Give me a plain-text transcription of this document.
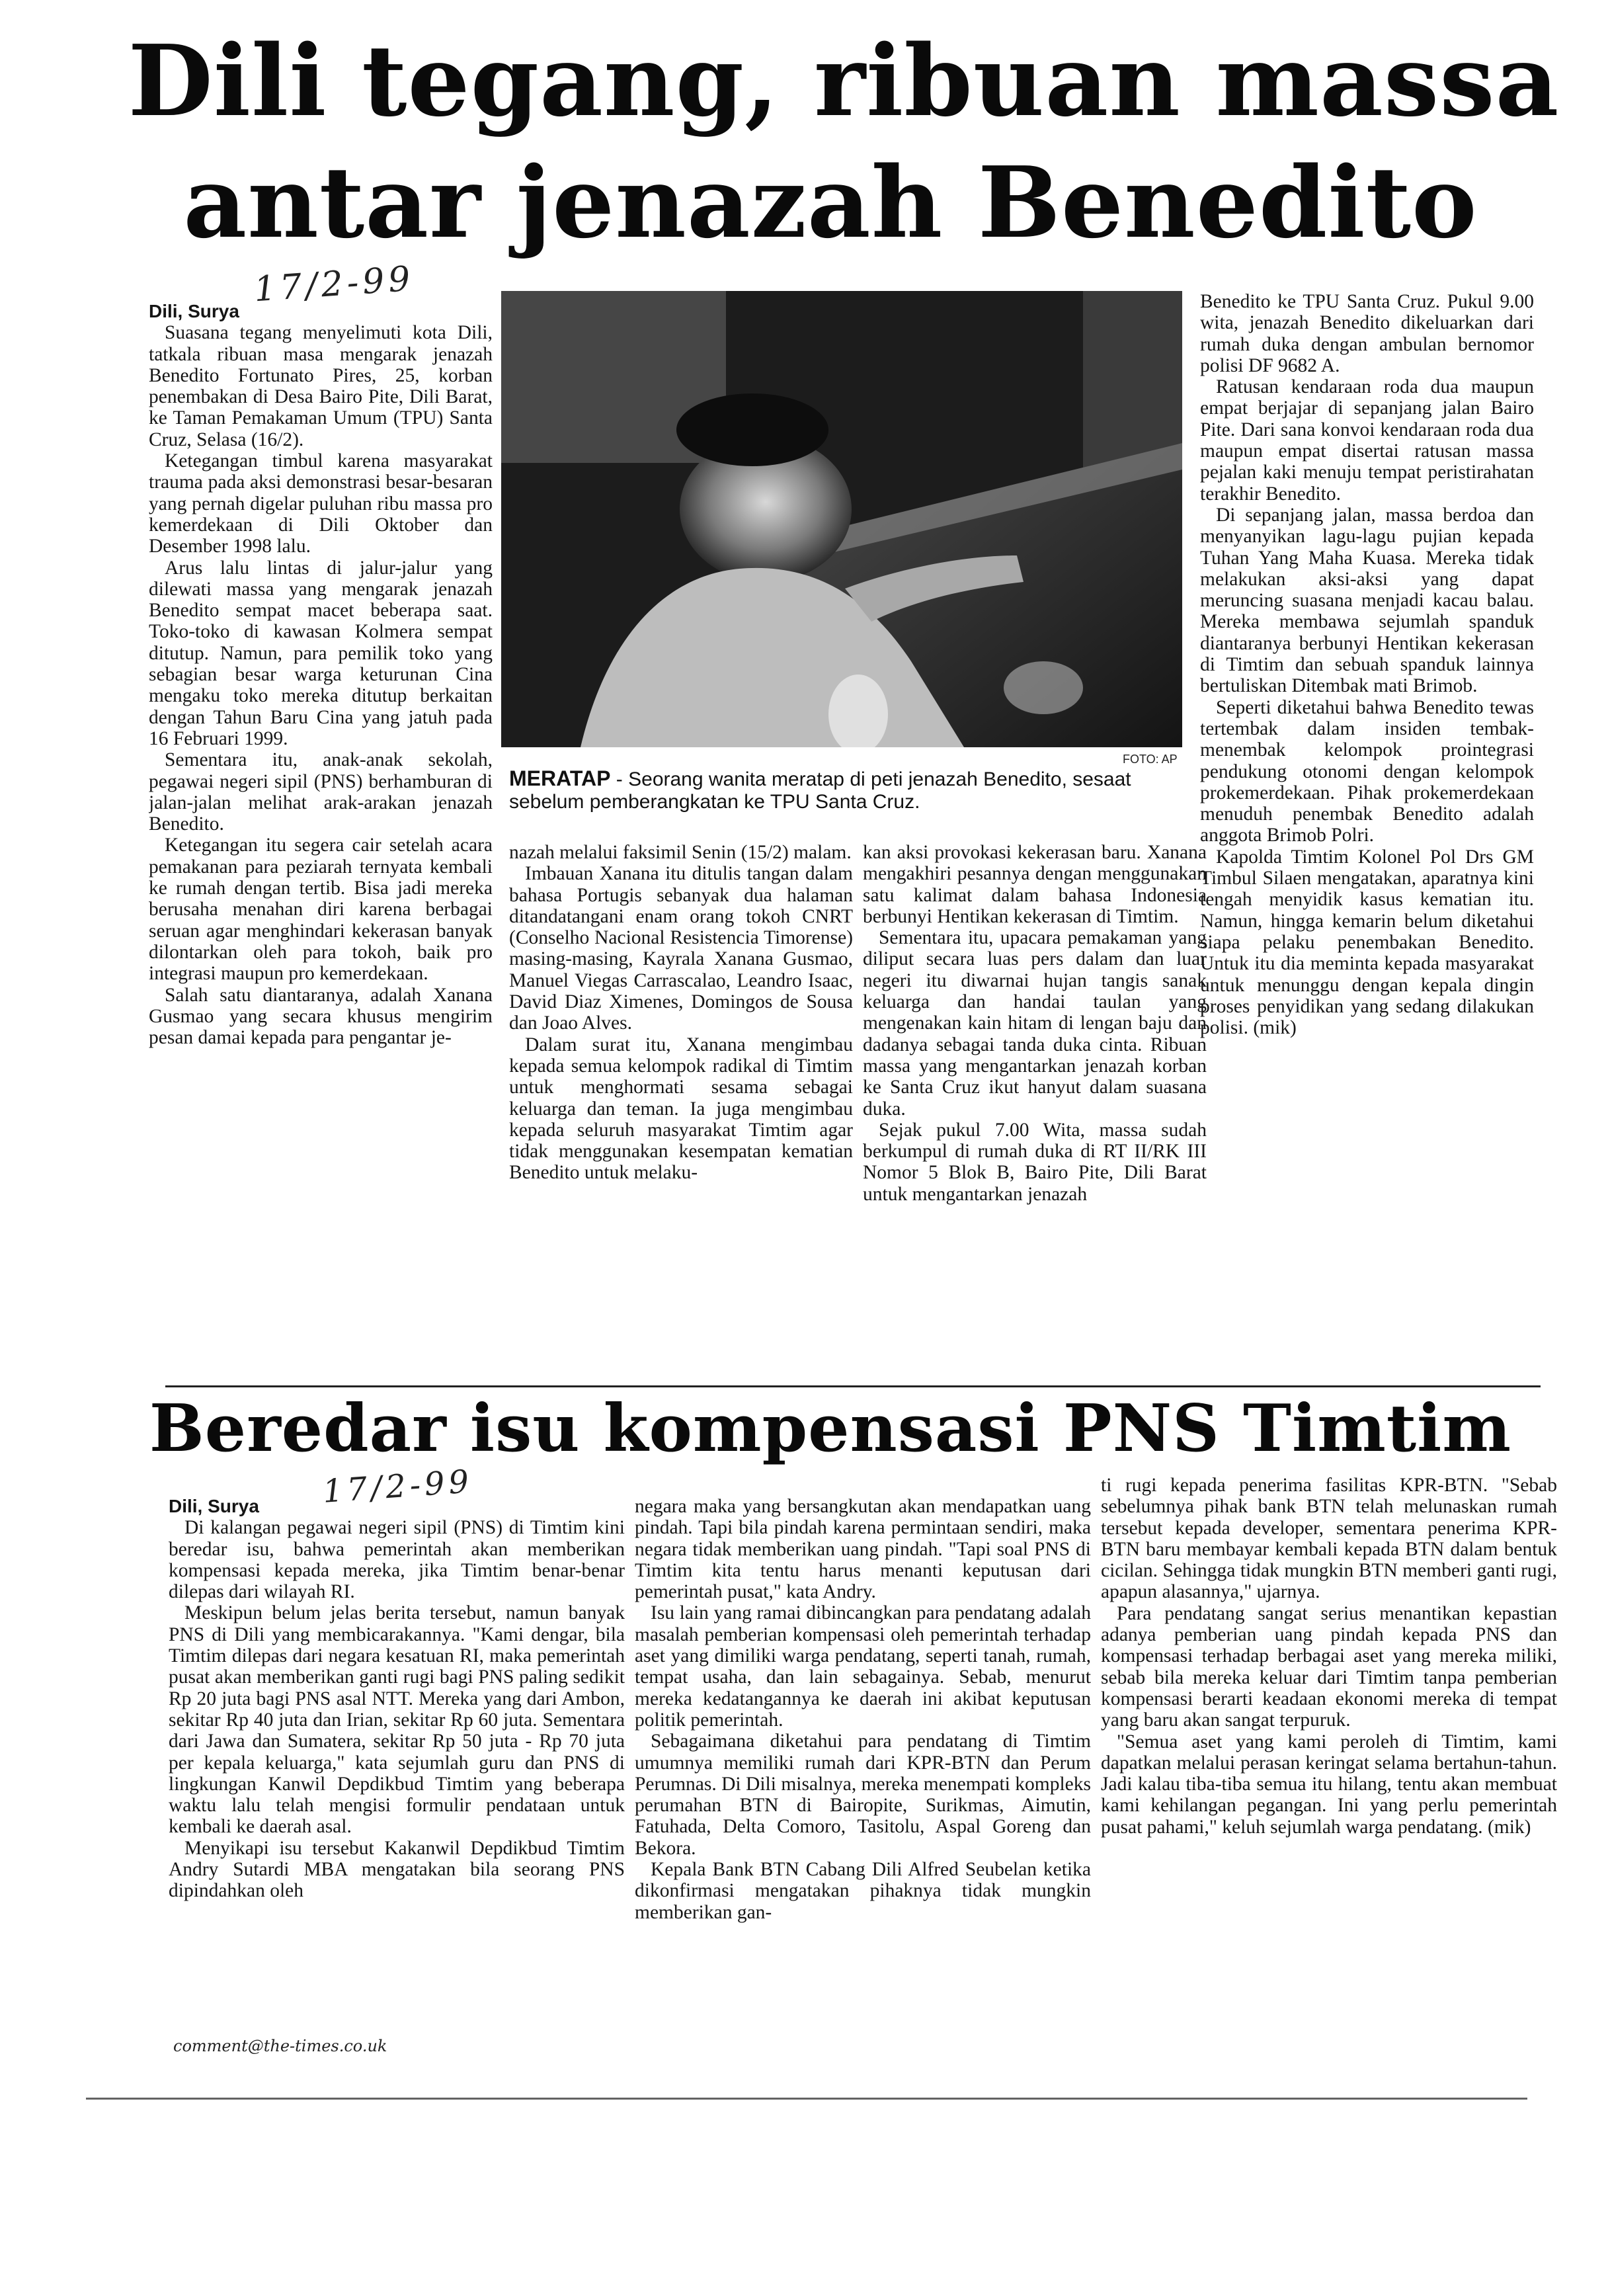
Dili tegang, ribuan massa
antar jenazah Benedito
17/2-99
Dili, Surya

Suasana tegang menyelimuti kota Dili, tatkala ribuan masa mengarak jenazah Benedito Fortunato Pires, 25, korban penembakan di Desa Bairo Pite, Dili Barat, ke Taman Pemakaman Umum (TPU) Santa Cruz, Selasa (16/2).

Ketegangan timbul karena masyarakat trauma pada aksi demonstrasi besar-besaran yang pernah digelar puluhan ribu massa pro kemerdekaan di Dili Oktober dan Desember 1998 lalu.

Arus lalu lintas di jalur-jalur yang dilewati massa yang mengarak jenazah Benedito sempat macet beberapa saat. Toko-toko di kawasan Kolmera sempat ditutup. Namun, para pemilik toko yang sebagian besar warga keturunan Cina mengaku toko mereka ditutup berkaitan dengan Tahun Baru Cina yang jatuh pada 16 Februari 1999.

Sementara itu, anak-anak sekolah, pegawai negeri sipil (PNS) berhamburan di jalan-jalan melihat arak-arakan jenazah Benedito.

Ketegangan itu segera cair setelah acara pemakanan para peziarah ternyata kembali ke rumah dengan tertib. Bisa jadi mereka berusaha menahan diri karena berbagai seruan agar menghindari kekerasan banyak dilontarkan oleh para tokoh, baik pro integrasi maupun pro kemerdekaan.

Salah satu diantaranya, adalah Xanana Gusmao yang secara khusus mengirim pesan damai kepada para pengantar je-

FOTO: AP
MERATAP - Seorang wanita meratap di peti jenazah Benedito, sesaat sebelum pemberangkatan ke TPU Santa Cruz.

nazah melalui faksimil Senin (15/2) malam.

Imbauan Xanana itu ditulis tangan dalam bahasa Portugis sebanyak dua halaman ditandatangani enam orang tokoh CNRT (Conselho Nacional Resistencia Timorense) masing-masing, Kayrala Xanana Gusmao, Manuel Viegas Carrascalao, Leandro Isaac, David Diaz Ximenes, Domingos de Sousa dan Joao Alves.

Dalam surat itu, Xanana mengimbau kepada semua kelompok radikal di Timtim untuk menghormati sesama sebagai keluarga dan teman. Ia juga mengimbau kepada seluruh masyarakat Timtim agar tidak menggunakan kesempatan kematian Benedito untuk melaku-

kan aksi provokasi kekerasan baru. Xanana mengakhiri pesannya dengan menggunakan satu kalimat dalam bahasa Indonesia berbunyi Hentikan kekerasan di Timtim.

Sementara itu, upacara pemakaman yang diliput secara luas pers dalam dan luar negeri itu diwarnai hujan tangis sanak keluarga dan handai taulan yang mengenakan kain hitam di lengan baju dan dadanya sebagai tanda duka cinta. Ribuan massa yang mengantarkan jenazah korban ke Santa Cruz ikut hanyut dalam suasana duka.

Sejak pukul 7.00 Wita, massa sudah berkumpul di rumah duka di RT II/RK III Nomor 5 Blok B, Bairo Pite, Dili Barat untuk mengantarkan jenazah

Benedito ke TPU Santa Cruz. Pukul 9.00 wita, jenazah Benedito dikeluarkan dari rumah duka dengan ambulan bernomor polisi DF 9682 A.

Ratusan kendaraan roda dua maupun empat berjajar di sepanjang jalan Bairo Pite. Dari sana konvoi kendaraan roda dua maupun empat disertai ratusan massa pejalan kaki menuju tempat peristirahatan terakhir Benedito.

Di sepanjang jalan, massa berdoa dan menyanyikan lagu-lagu pujian kepada Tuhan Yang Maha Kuasa. Mereka tidak melakukan aksi-aksi yang dapat meruncing suasana menjadi kacau balau. Mereka membawa sejumlah spanduk diantaranya berbunyi Hentikan kekerasan di Timtim dan sebuah spanduk lainnya bertuliskan Ditembak mati Brimob.

Seperti diketahui bahwa Benedito tewas tertembak dalam insiden tembak-menembak kelompok prointegrasi pendukung otonomi dengan kelompok prokemerdekaan. Pihak prokemerdekaan menuduh penembak Benedito adalah anggota Brimob Polri.

Kapolda Timtim Kolonel Pol Drs GM Timbul Silaen mengatakan, aparatnya kini tengah menyidik kasus kematian itu. Namun, hingga kemarin belum diketahui siapa pelaku penembakan Benedito. Untuk itu dia meminta kepada masyarakat untuk menunggu dengan kepala dingin proses penyidikan yang sedang dilakukan polisi. (mik)

Beredar isu kompensasi PNS Timtim
17/2-99
Dili, Surya

Di kalangan pegawai negeri sipil (PNS) di Timtim kini beredar isu, bahwa pemerintah akan memberikan kompensasi kepada mereka, jika Timtim benar-benar dilepas dari wilayah RI.

Meskipun belum jelas berita tersebut, namun banyak PNS di Dili yang membicarakannya. "Kami dengar, bila Timtim dilepas dari negara kesatuan RI, maka pemerintah pusat akan memberikan ganti rugi bagi PNS paling sedikit Rp 20 juta bagi PNS asal NTT. Mereka yang dari Ambon, sekitar Rp 40 juta dan Irian, sekitar Rp 60 juta. Sementara dari Jawa dan Sumatera, sekitar Rp 50 juta - Rp 70 juta per kepala keluarga," kata sejumlah guru dan PNS di lingkungan Kanwil Depdikbud Timtim yang beberapa waktu lalu telah mengisi formulir pendataan untuk kembali ke daerah asal.

Menyikapi isu tersebut Kakanwil Depdikbud Timtim Andry Sutardi MBA mengatakan bila seorang PNS dipindahkan oleh

negara maka yang bersangkutan akan mendapatkan uang pindah. Tapi bila pindah karena permintaan sendiri, maka negara tidak memberikan uang pindah. "Tapi soal PNS di Timtim kita tentu harus menanti keputusan dari pemerintah pusat," kata Andry.

Isu lain yang ramai dibincangkan para pendatang adalah masalah pemberian kompensasi oleh pemerintah terhadap aset yang dimiliki warga pendatang, seperti tanah, rumah, tempat usaha, dan lain sebagainya. Sebab, menurut mereka kedatangannya ke daerah ini akibat keputusan politik pemerintah.

Sebagaimana diketahui para pendatang di Timtim umumnya memiliki rumah dari KPR-BTN dan Perum Perumnas. Di Dili misalnya, mereka menempati kompleks perumahan BTN di Bairopite, Surikmas, Aimutin, Fatuhada, Delta Comoro, Tasitolu, Aspal Goreng dan Bekora.

Kepala Bank BTN Cabang Dili Alfred Seubelan ketika dikonfirmasi mengatakan pihaknya tidak mungkin memberikan gan-

ti rugi kepada penerima fasilitas KPR-BTN. "Sebab sebelumnya pihak bank BTN telah melunaskan rumah tersebut kepada developer, sementara penerima KPR-BTN baru membayar kembali kepada BTN dalam bentuk cicilan. Sehingga tidak mungkin BTN memberi ganti rugi, apapun alasannya," ujarnya.

Para pendatang sangat serius menantikan kepastian adanya pemberian uang pindah kepada PNS dan kompensasi terhadap berbagai aset yang mereka miliki, sebab bila mereka keluar dari Timtim tanpa pemberian kompensasi berarti keadaan ekonomi mereka di tempat yang baru akan sangat terpuruk.

"Semua aset yang kami peroleh di Timtim, kami dapatkan melalui perasan keringat selama bertahun-tahun. Jadi kalau tiba-tiba semua itu hilang, tentu akan membuat kami kehilangan pegangan. Ini yang perlu pemerintah pusat pahami," keluh sejumlah warga pendatang. (mik)

comment@the-times.co.uk
